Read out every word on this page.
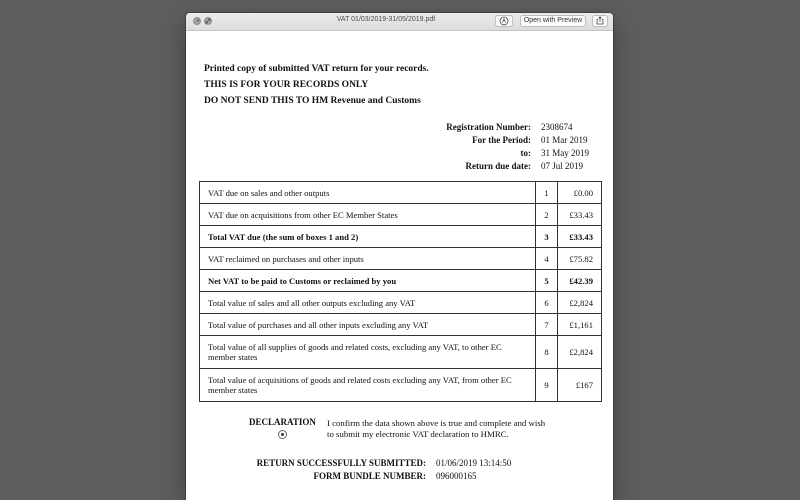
×	VAT 01/03/2019-31/05/2019.pdf	Open with Preview
Printed copy of submitted VAT return for your records.
THIS IS FOR YOUR RECORDS ONLY
DO NOT SEND THIS TO HM Revenue and Customs
Registration Number: 2308674
For the Period: 01 Mar 2019
to: 31 May 2019
Return due date: 07 Jul 2019
VAT due on sales and other outputs	1	£0.00
VAT due on acquisitions from other EC Member States	2	£33.43
Total VAT due (the sum of boxes 1 and 2)	3	£33.43
VAT reclaimed on purchases and other inputs	4	£75.82
Net VAT to be paid to Customs or reclaimed by you	5	£42.39
Total value of sales and all other outputs excluding any VAT	6	£2,824
Total value of purchases and all other inputs excluding any VAT	7	£1,161
Total value of all supplies of goods and related costs, excluding any VAT, to other EC member states	8	£2,824
Total value of acquisitions of goods and related costs excluding any VAT, from other EC member states	9	£167
DECLARATION I confirm the data shown above is true and complete and wish to submit my electronic VAT declaration to HMRC.
RETURN SUCCESSFULLY SUBMITTED: 01/06/2019 13:14:50
FORM BUNDLE NUMBER: 096000165
